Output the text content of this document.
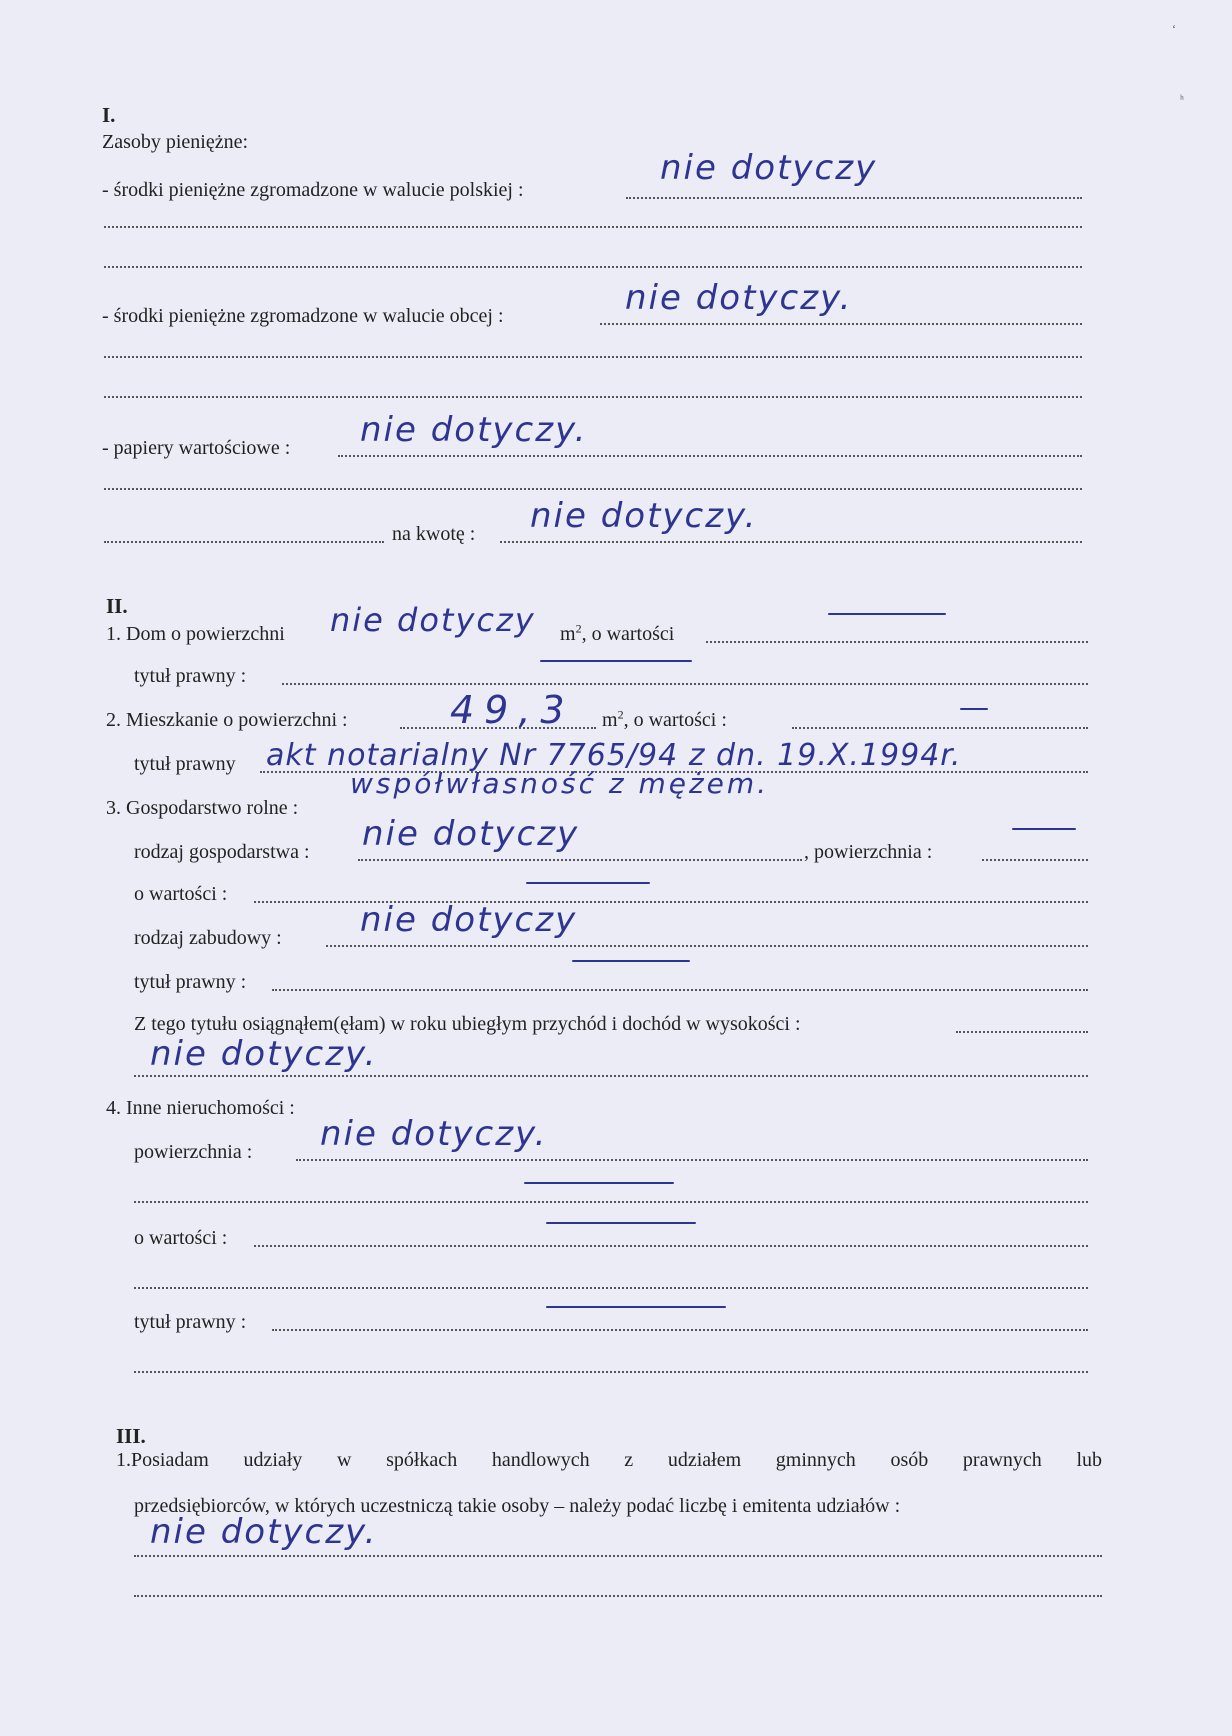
‘
ʰ
I.
Zasoby pieniężne:
- środki pieniężne zgromadzone w walucie polskiej :
nie dotyczy
- środki pieniężne zgromadzone w walucie obcej :	nie dotyczy.
- papiery wartościowe : nie dotyczy.
na kwotę : nie dotyczy.
II.
1. Dom o powierzchni nie dotyczy $m^2$, o wartości
tytuł prawny :
2. Mieszkanie o powierzchni :	49,3 $m^2$, o wartości :
tytuł prawny akt notarialny Nr 7765/94 z dn. 19.X.1994r.
3. Gospodarstwo rolne :
współwłasność z mężem.
rodzaj gospodarstwa : nie dotyczy	, powierzchnia :
o wartości :
rodzaj zabudowy : nie dotyczy
tytuł prawny :
Z tego tytułu osiągnąłem(ęłam) w roku ubiegłym przychód i dochód w wysokości :
nie dotyczy.
4. Inne nieruchomości :
powierzchnia : nie dotyczy.
o wartości :
tytuł prawny :
III.
1.Posiadam udziały w spółkach handlowych z udziałem gminnych osób prawnych lub
przedsiębiorców, w których uczestniczą takie osoby – należy podać liczbę i emitenta udziałów :
nie dotyczy.
